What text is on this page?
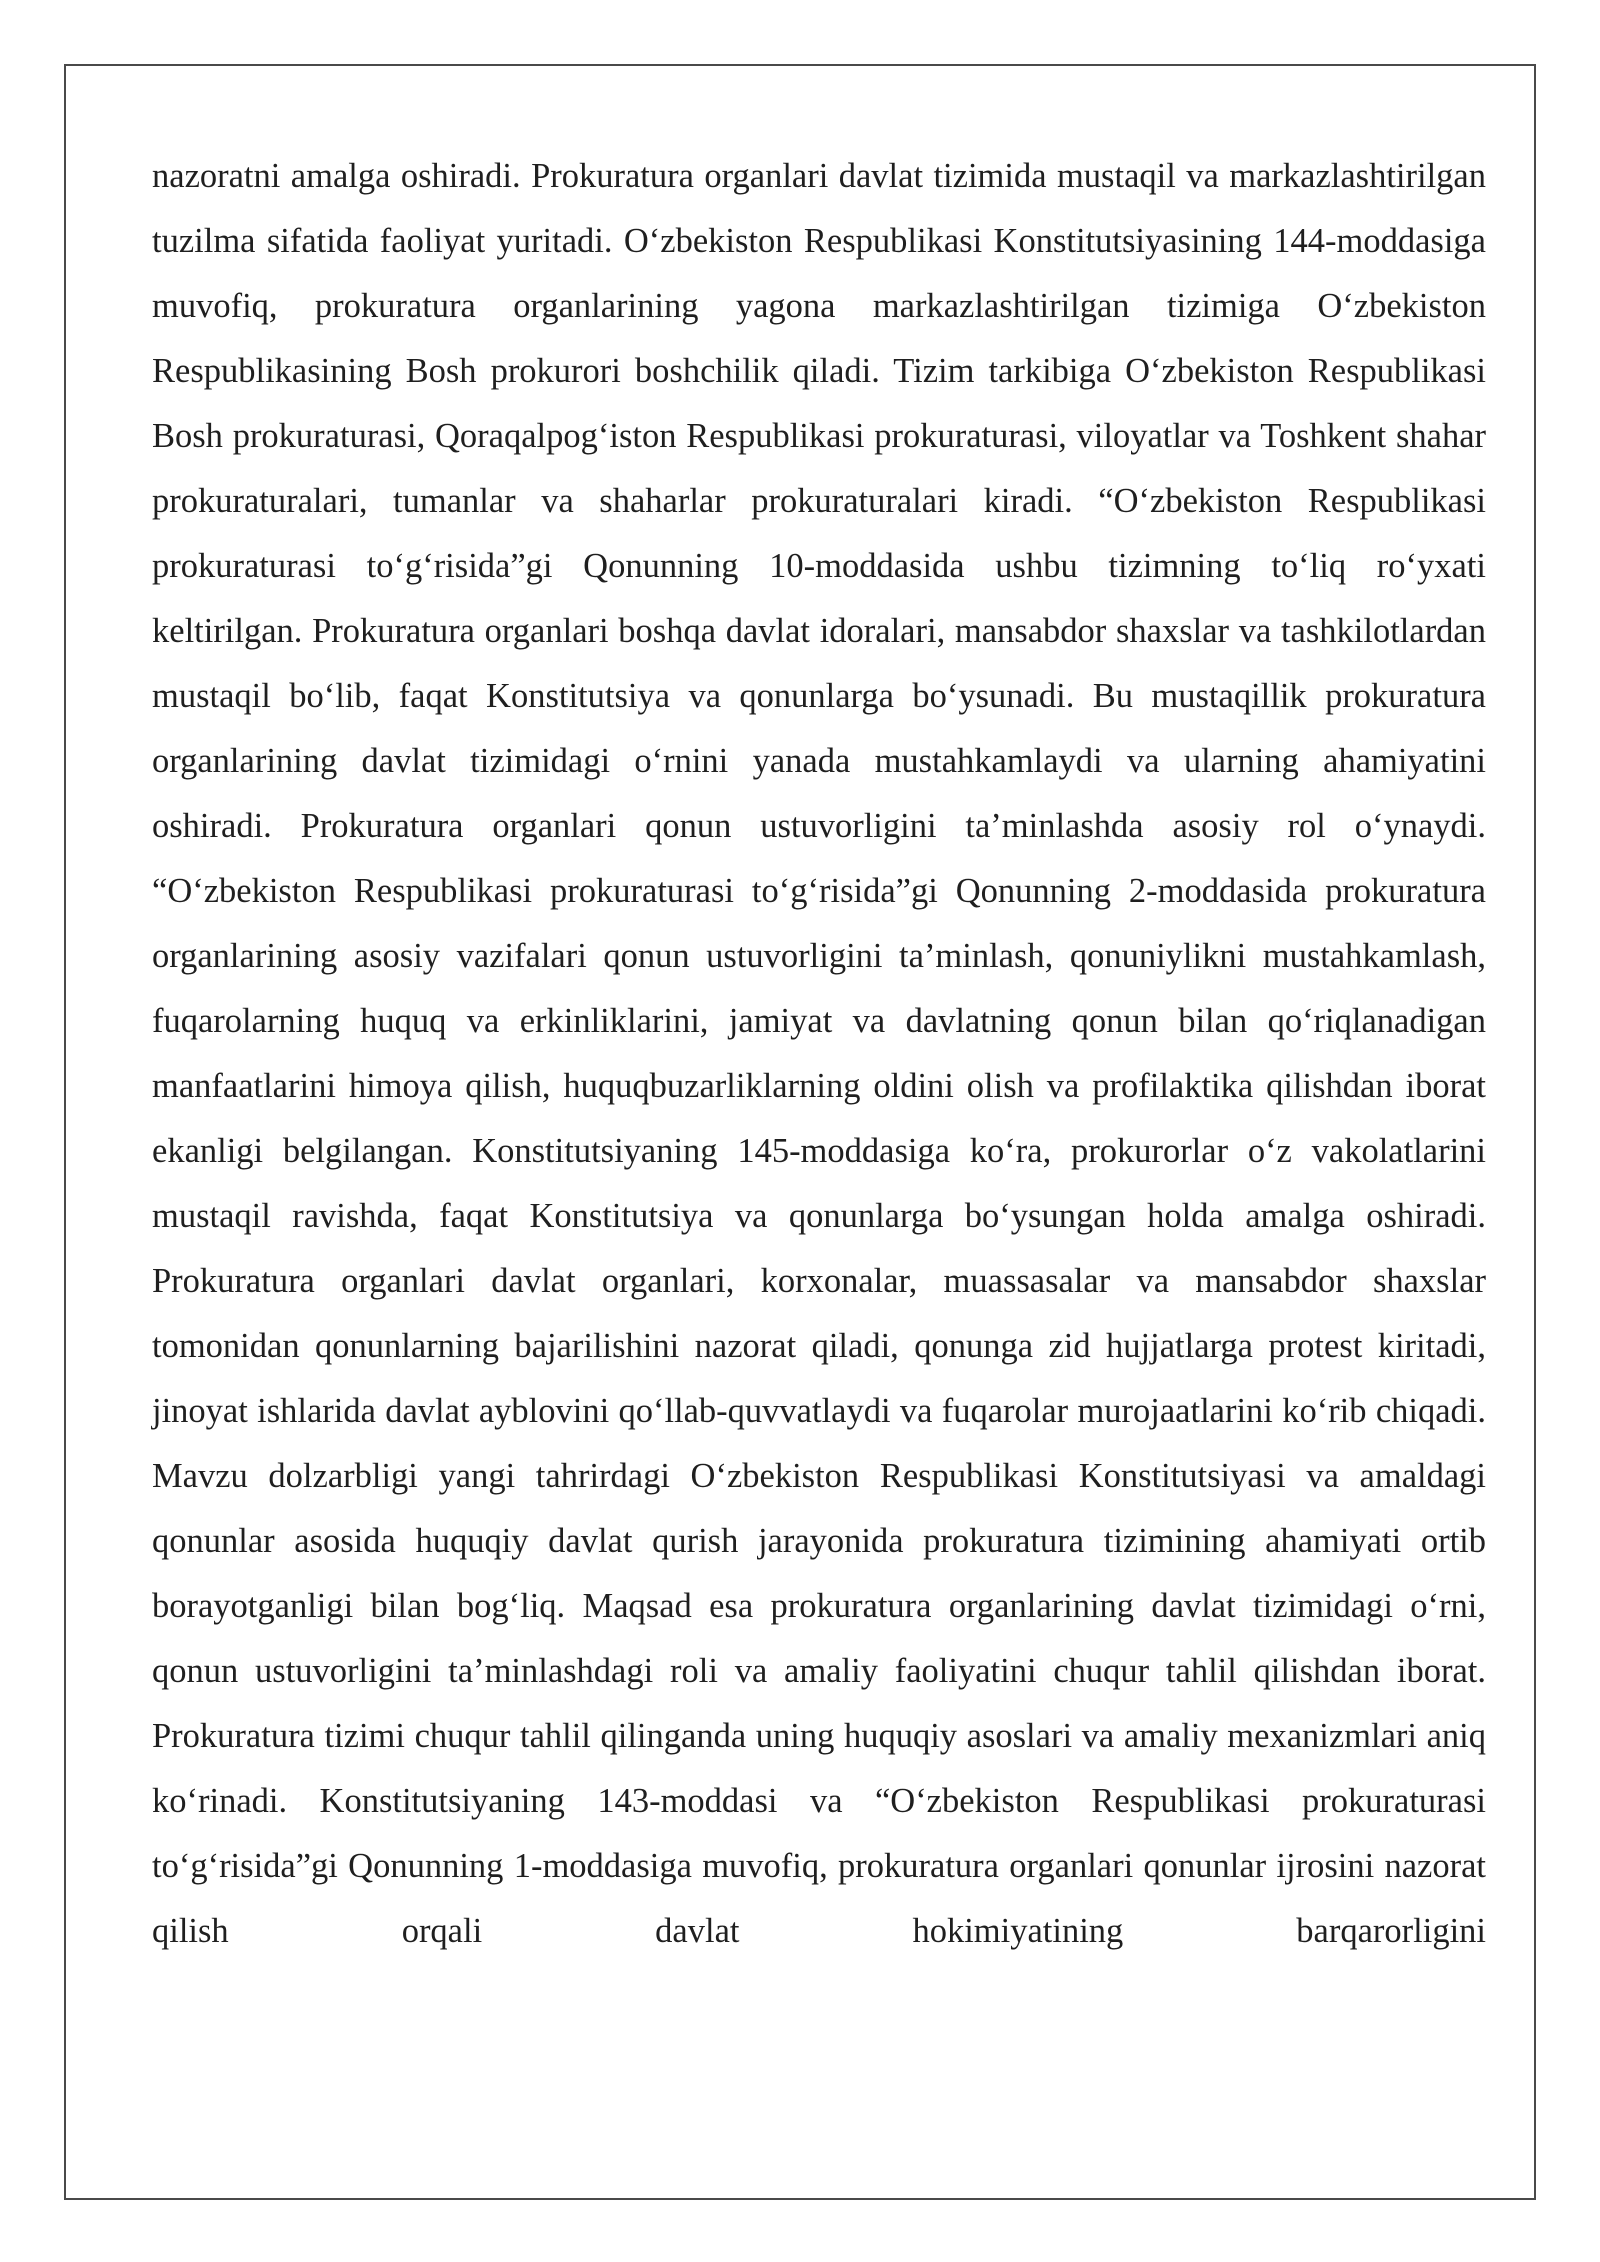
nazoratni amalga oshiradi. Prokuratura organlari davlat tizimida mustaqil va markazlashtirilgan tuzilma sifatida faoliyat yuritadi. O‘zbekiston Respublikasi Konstitutsiyasining 144-moddasiga muvofiq, prokuratura organlarining yagona markazlashtirilgan tizimiga O‘zbekiston Respublikasining Bosh prokurori boshchilik qiladi. Tizim tarkibiga O‘zbekiston Respublikasi Bosh prokuraturasi, Qoraqalpog‘iston Respublikasi prokuraturasi, viloyatlar va Toshkent shahar prokuraturalari, tumanlar va shaharlar prokuraturalari kiradi. “O‘zbekiston Respublikasi prokuraturasi to‘g‘risida”gi Qonunning 10-moddasida ushbu tizimning to‘liq ro‘yxati keltirilgan. Prokuratura organlari boshqa davlat idoralari, mansabdor shaxslar va tashkilotlardan mustaqil bo‘lib, faqat Konstitutsiya va qonunlarga bo‘ysunadi. Bu mustaqillik prokuratura organlarining davlat tizimidagi o‘rnini yanada mustahkamlaydi va ularning ahamiyatini oshiradi. Prokuratura organlari qonun ustuvorligini ta’minlashda asosiy rol o‘ynaydi. “O‘zbekiston Respublikasi prokuraturasi to‘g‘risida”gi Qonunning 2-moddasida prokuratura organlarining asosiy vazifalari qonun ustuvorligini ta’minlash, qonuniylikni mustahkamlash, fuqarolarning huquq va erkinliklarini, jamiyat va davlatning qonun bilan qo‘riqlanadigan manfaatlarini himoya qilish, huquqbuzarliklarning oldini olish va profilaktika qilishdan iborat ekanligi belgilangan. Konstitutsiyaning 145-moddasiga ko‘ra, prokurorlar o‘z vakolatlarini mustaqil ravishda, faqat Konstitutsiya va qonunlarga bo‘ysungan holda amalga oshiradi. Prokuratura organlari davlat organlari, korxonalar, muassasalar va mansabdor shaxslar tomonidan qonunlarning bajarilishini nazorat qiladi, qonunga zid hujjatlarga protest kiritadi, jinoyat ishlarida davlat ayblovini qo‘llab-quvvatlaydi va fuqarolar murojaatlarini ko‘rib chiqadi. Mavzu dolzarbligi yangi tahrirdagi O‘zbekiston Respublikasi Konstitutsiyasi va amaldagi qonunlar asosida huquqiy davlat qurish jarayonida prokuratura tizimining ahamiyati ortib borayotganligi bilan bog‘liq. Maqsad esa prokuratura organlarining davlat tizimidagi o‘rni, qonun ustuvorligini ta’minlashdagi roli va amaliy faoliyatini chuqur tahlil qilishdan iborat. Prokuratura tizimi chuqur tahlil qilinganda uning huquqiy asoslari va amaliy mexanizmlari aniq ko‘rinadi. Konstitutsiyaning 143-moddasi va “O‘zbekiston Respublikasi prokuraturasi to‘g‘risida”gi Qonunning 1-moddasiga muvofiq, prokuratura organlari qonunlar ijrosini nazorat qilish orqali davlat hokimiyatining barqarorligini
